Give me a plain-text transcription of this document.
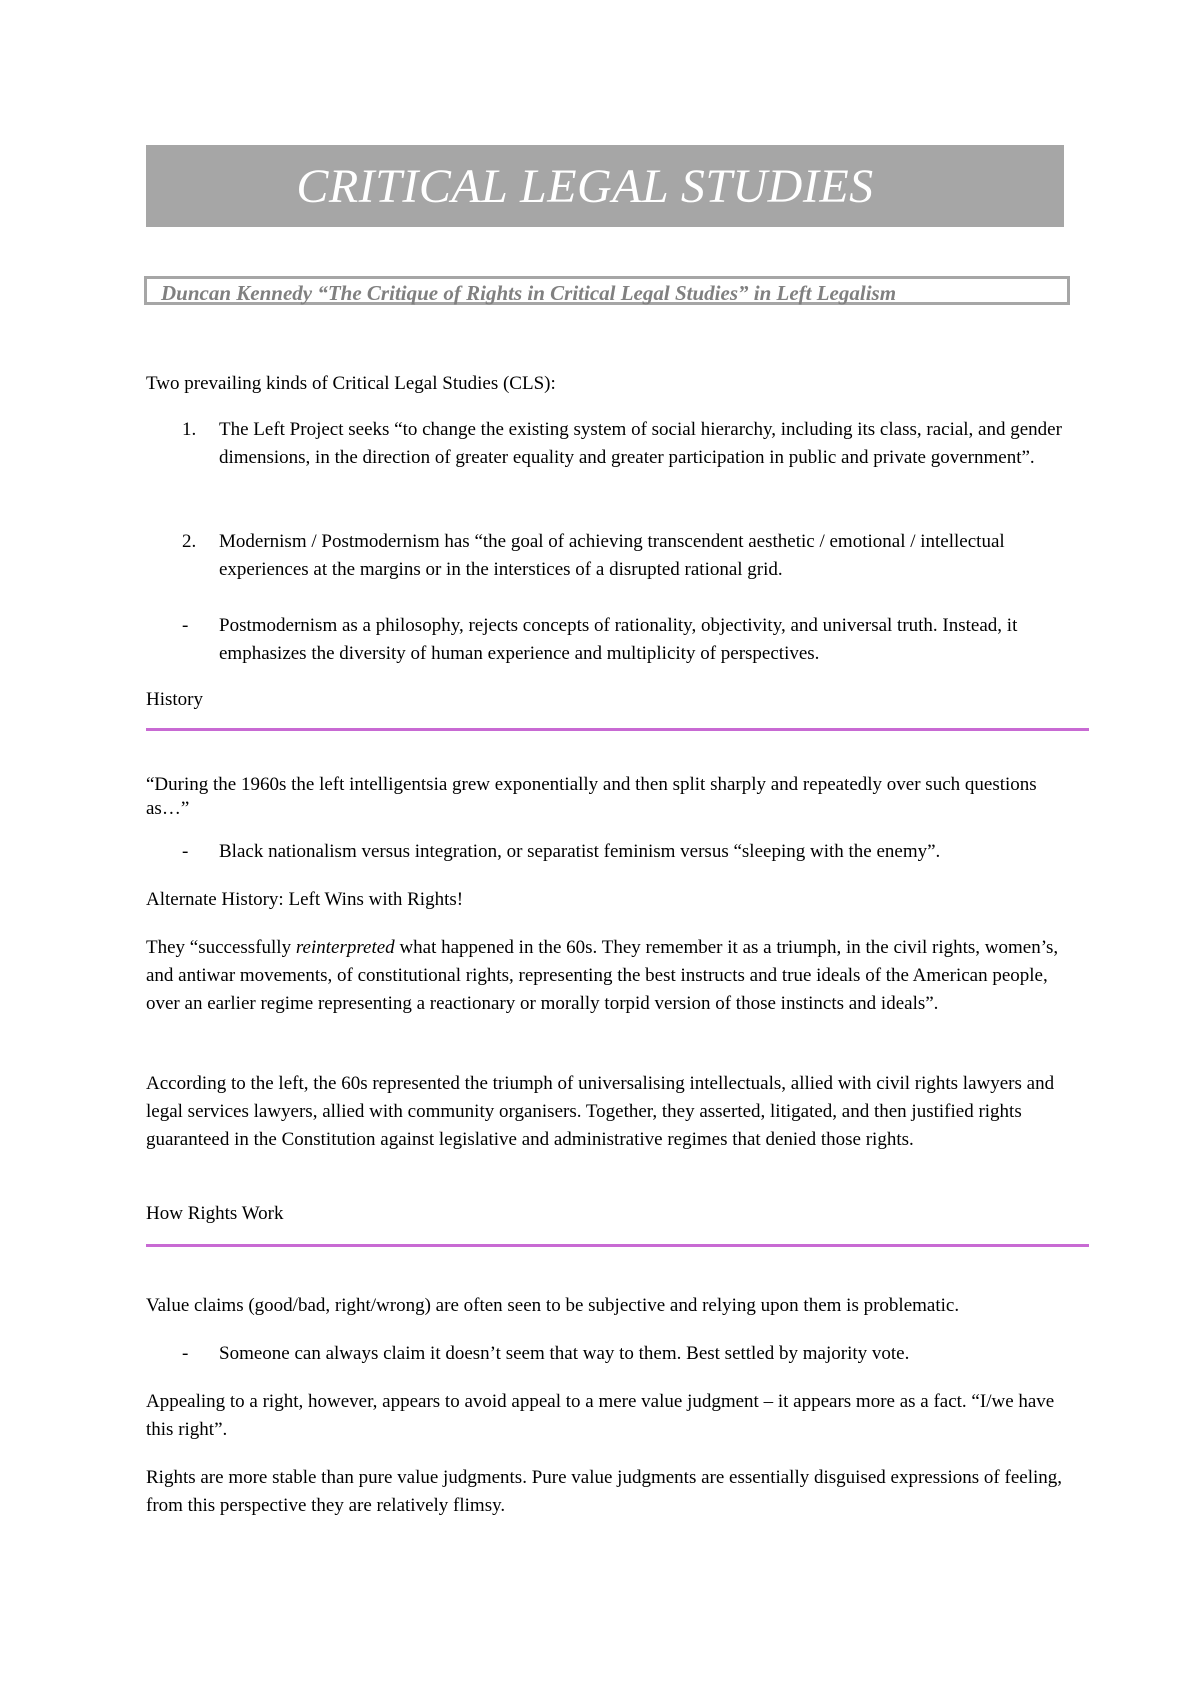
CRITICAL LEGAL STUDIES
Duncan Kennedy “The Critique of Rights in Critical Legal Studies” in Left Legalism
Two prevailing kinds of Critical Legal Studies (CLS):
1. The Left Project seeks “to change the existing system of social hierarchy, including its class, racial, and gender dimensions, in the direction of greater equality and greater participation in public and private government”.
2. Modernism / Postmodernism has “the goal of achieving transcendent aesthetic / emotional / intellectual experiences at the margins or in the interstices of a disrupted rational grid.
- Postmodernism as a philosophy, rejects concepts of rationality, objectivity, and universal truth. Instead, it emphasizes the diversity of human experience and multiplicity of perspectives.
History
“During the 1960s the left intelligentsia grew exponentially and then split sharply and repeatedly over such questions as…”
- Black nationalism versus integration, or separatist feminism versus “sleeping with the enemy”.
Alternate History: Left Wins with Rights!
They “successfully reinterpreted what happened in the 60s. They remember it as a triumph, in the civil rights, women’s, and antiwar movements, of constitutional rights, representing the best instructs and true ideals of the American people, over an earlier regime representing a reactionary or morally torpid version of those instincts and ideals”.
According to the left, the 60s represented the triumph of universalising intellectuals, allied with civil rights lawyers and legal services lawyers, allied with community organisers. Together, they asserted, litigated, and then justified rights guaranteed in the Constitution against legislative and administrative regimes that denied those rights.
How Rights Work
Value claims (good/bad, right/wrong) are often seen to be subjective and relying upon them is problematic.
- Someone can always claim it doesn’t seem that way to them. Best settled by majority vote.
Appealing to a right, however, appears to avoid appeal to a mere value judgment – it appears more as a fact. “I/we have this right”.
Rights are more stable than pure value judgments. Pure value judgments are essentially disguised expressions of feeling, from this perspective they are relatively flimsy.
